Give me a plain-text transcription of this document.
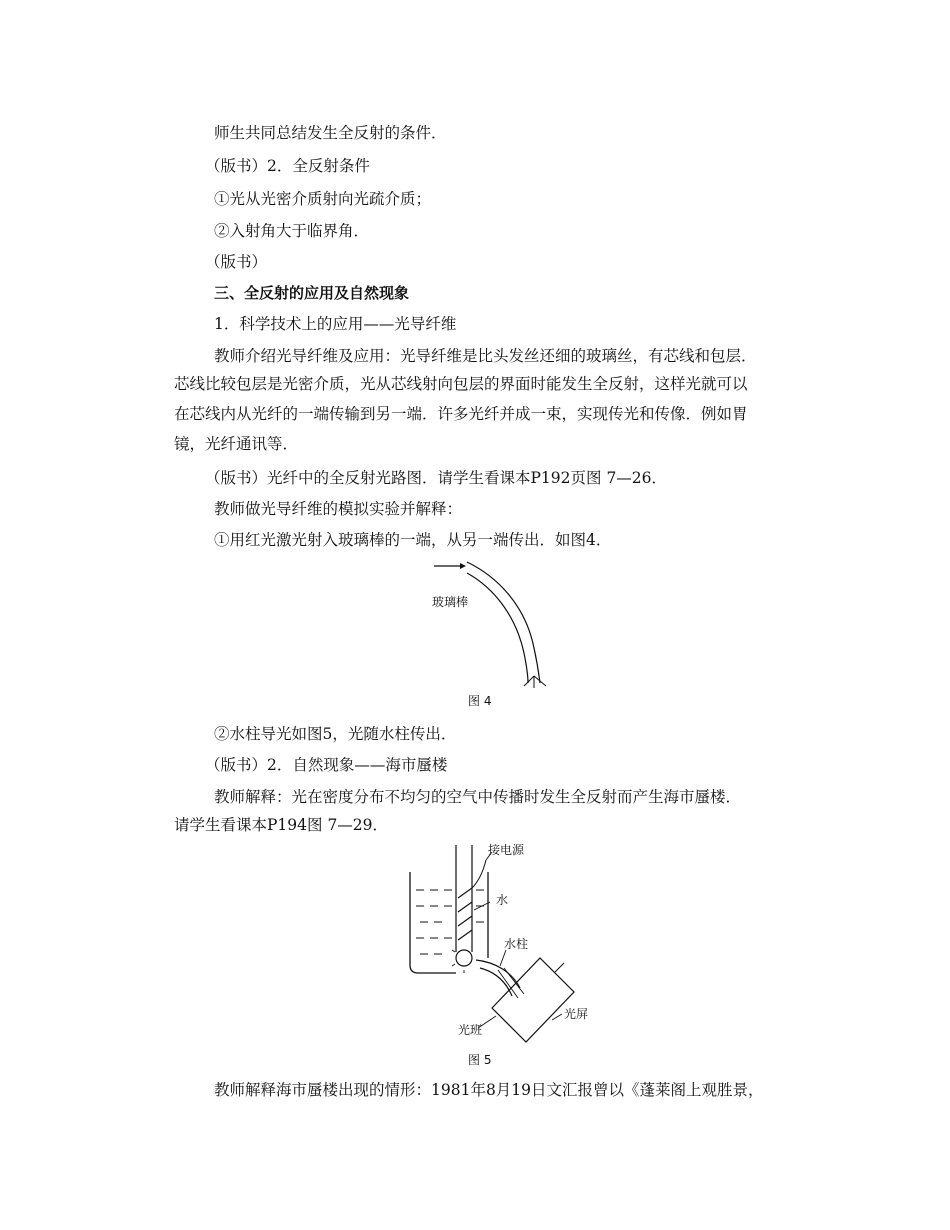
师生共同总结发生全反射的条件．
（版书）2．全反射条件
①光从光密介质射向光疏介质；
②入射角大于临界角．
（版书）
三、全反射的应用及自然现象
1．科学技术上的应用——光导纤维
教师介绍光导纤维及应用：光导纤维是比头发丝还细的玻璃丝，有芯线和包层．
芯线比较包层是光密介质，光从芯线射向包层的界面时能发生全反射，这样光就可以
在芯线内从光纤的一端传输到另一端．许多光纤并成一束，实现传光和传像．例如胃
镜，光纤通讯等．
（版书）光纤中的全反射光路图．请学生看课本P192页图 7—26．
教师做光导纤维的模拟实验并解释：
①用红光激光射入玻璃棒的一端，从另一端传出．如图4．
玻璃棒
图 4
②水柱导光如图5，光随水柱传出．
（版书）2．自然现象——海市蜃楼
教师解释：光在密度分布不均匀的空气中传播时发生全反射而产生海市蜃楼．
请学生看课本P194图 7—29．
接电源
水
水柱
光屏
光班
图 5
教师解释海市蜃楼出现的情形：1981年8月19日文汇报曾以《蓬莱阁上观胜景，
